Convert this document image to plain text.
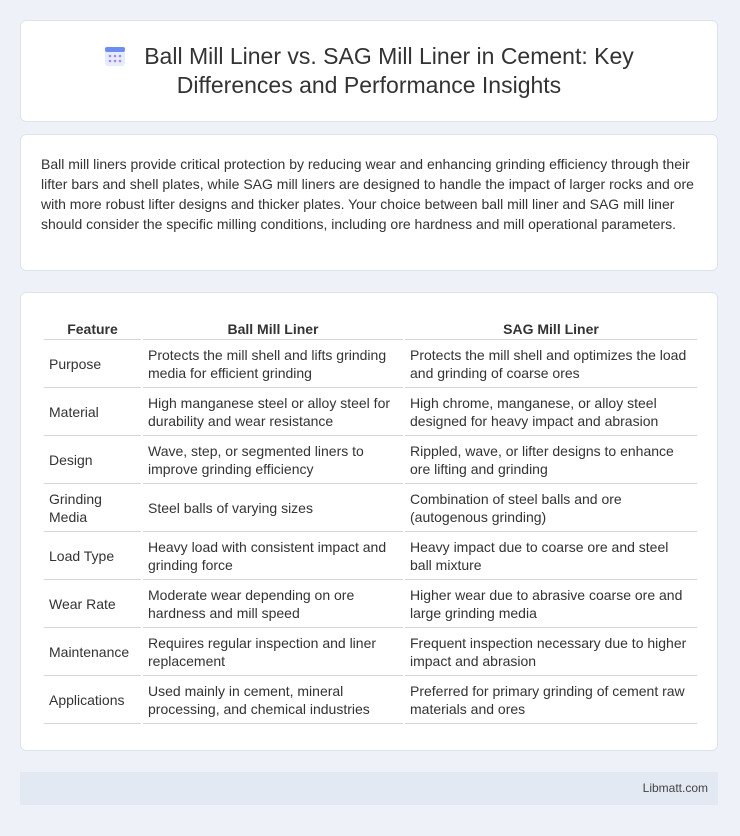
Ball Mill Liner vs. SAG Mill Liner in Cement: Key Differences and Performance Insights

Ball mill liners provide critical protection by reducing wear and enhancing grinding efficiency through their lifter bars and shell plates, while SAG mill liners are designed to handle the impact of larger rocks and ore with more robust lifter designs and thicker plates. Your choice between ball mill liner and SAG mill liner should consider the specific milling conditions, including ore hardness and mill operational parameters.

Feature	Ball Mill Liner	SAG Mill Liner
Purpose	Protects the mill shell and lifts grinding media for efficient grinding	Protects the mill shell and optimizes the load and grinding of coarse ores
Material	High manganese steel or alloy steel for durability and wear resistance	High chrome, manganese, or alloy steel designed for heavy impact and abrasion
Design	Wave, step, or segmented liners to improve grinding efficiency	Rippled, wave, or lifter designs to enhance ore lifting and grinding
Grinding Media	Steel balls of varying sizes	Combination of steel balls and ore (autogenous grinding)
Load Type	Heavy load with consistent impact and grinding force	Heavy impact due to coarse ore and steel ball mixture
Wear Rate	Moderate wear depending on ore hardness and mill speed	Higher wear due to abrasive coarse ore and large grinding media
Maintenance	Requires regular inspection and liner replacement	Frequent inspection necessary due to higher impact and abrasion
Applications	Used mainly in cement, mineral processing, and chemical industries	Preferred for primary grinding of cement raw materials and ores
Libmatt.com
